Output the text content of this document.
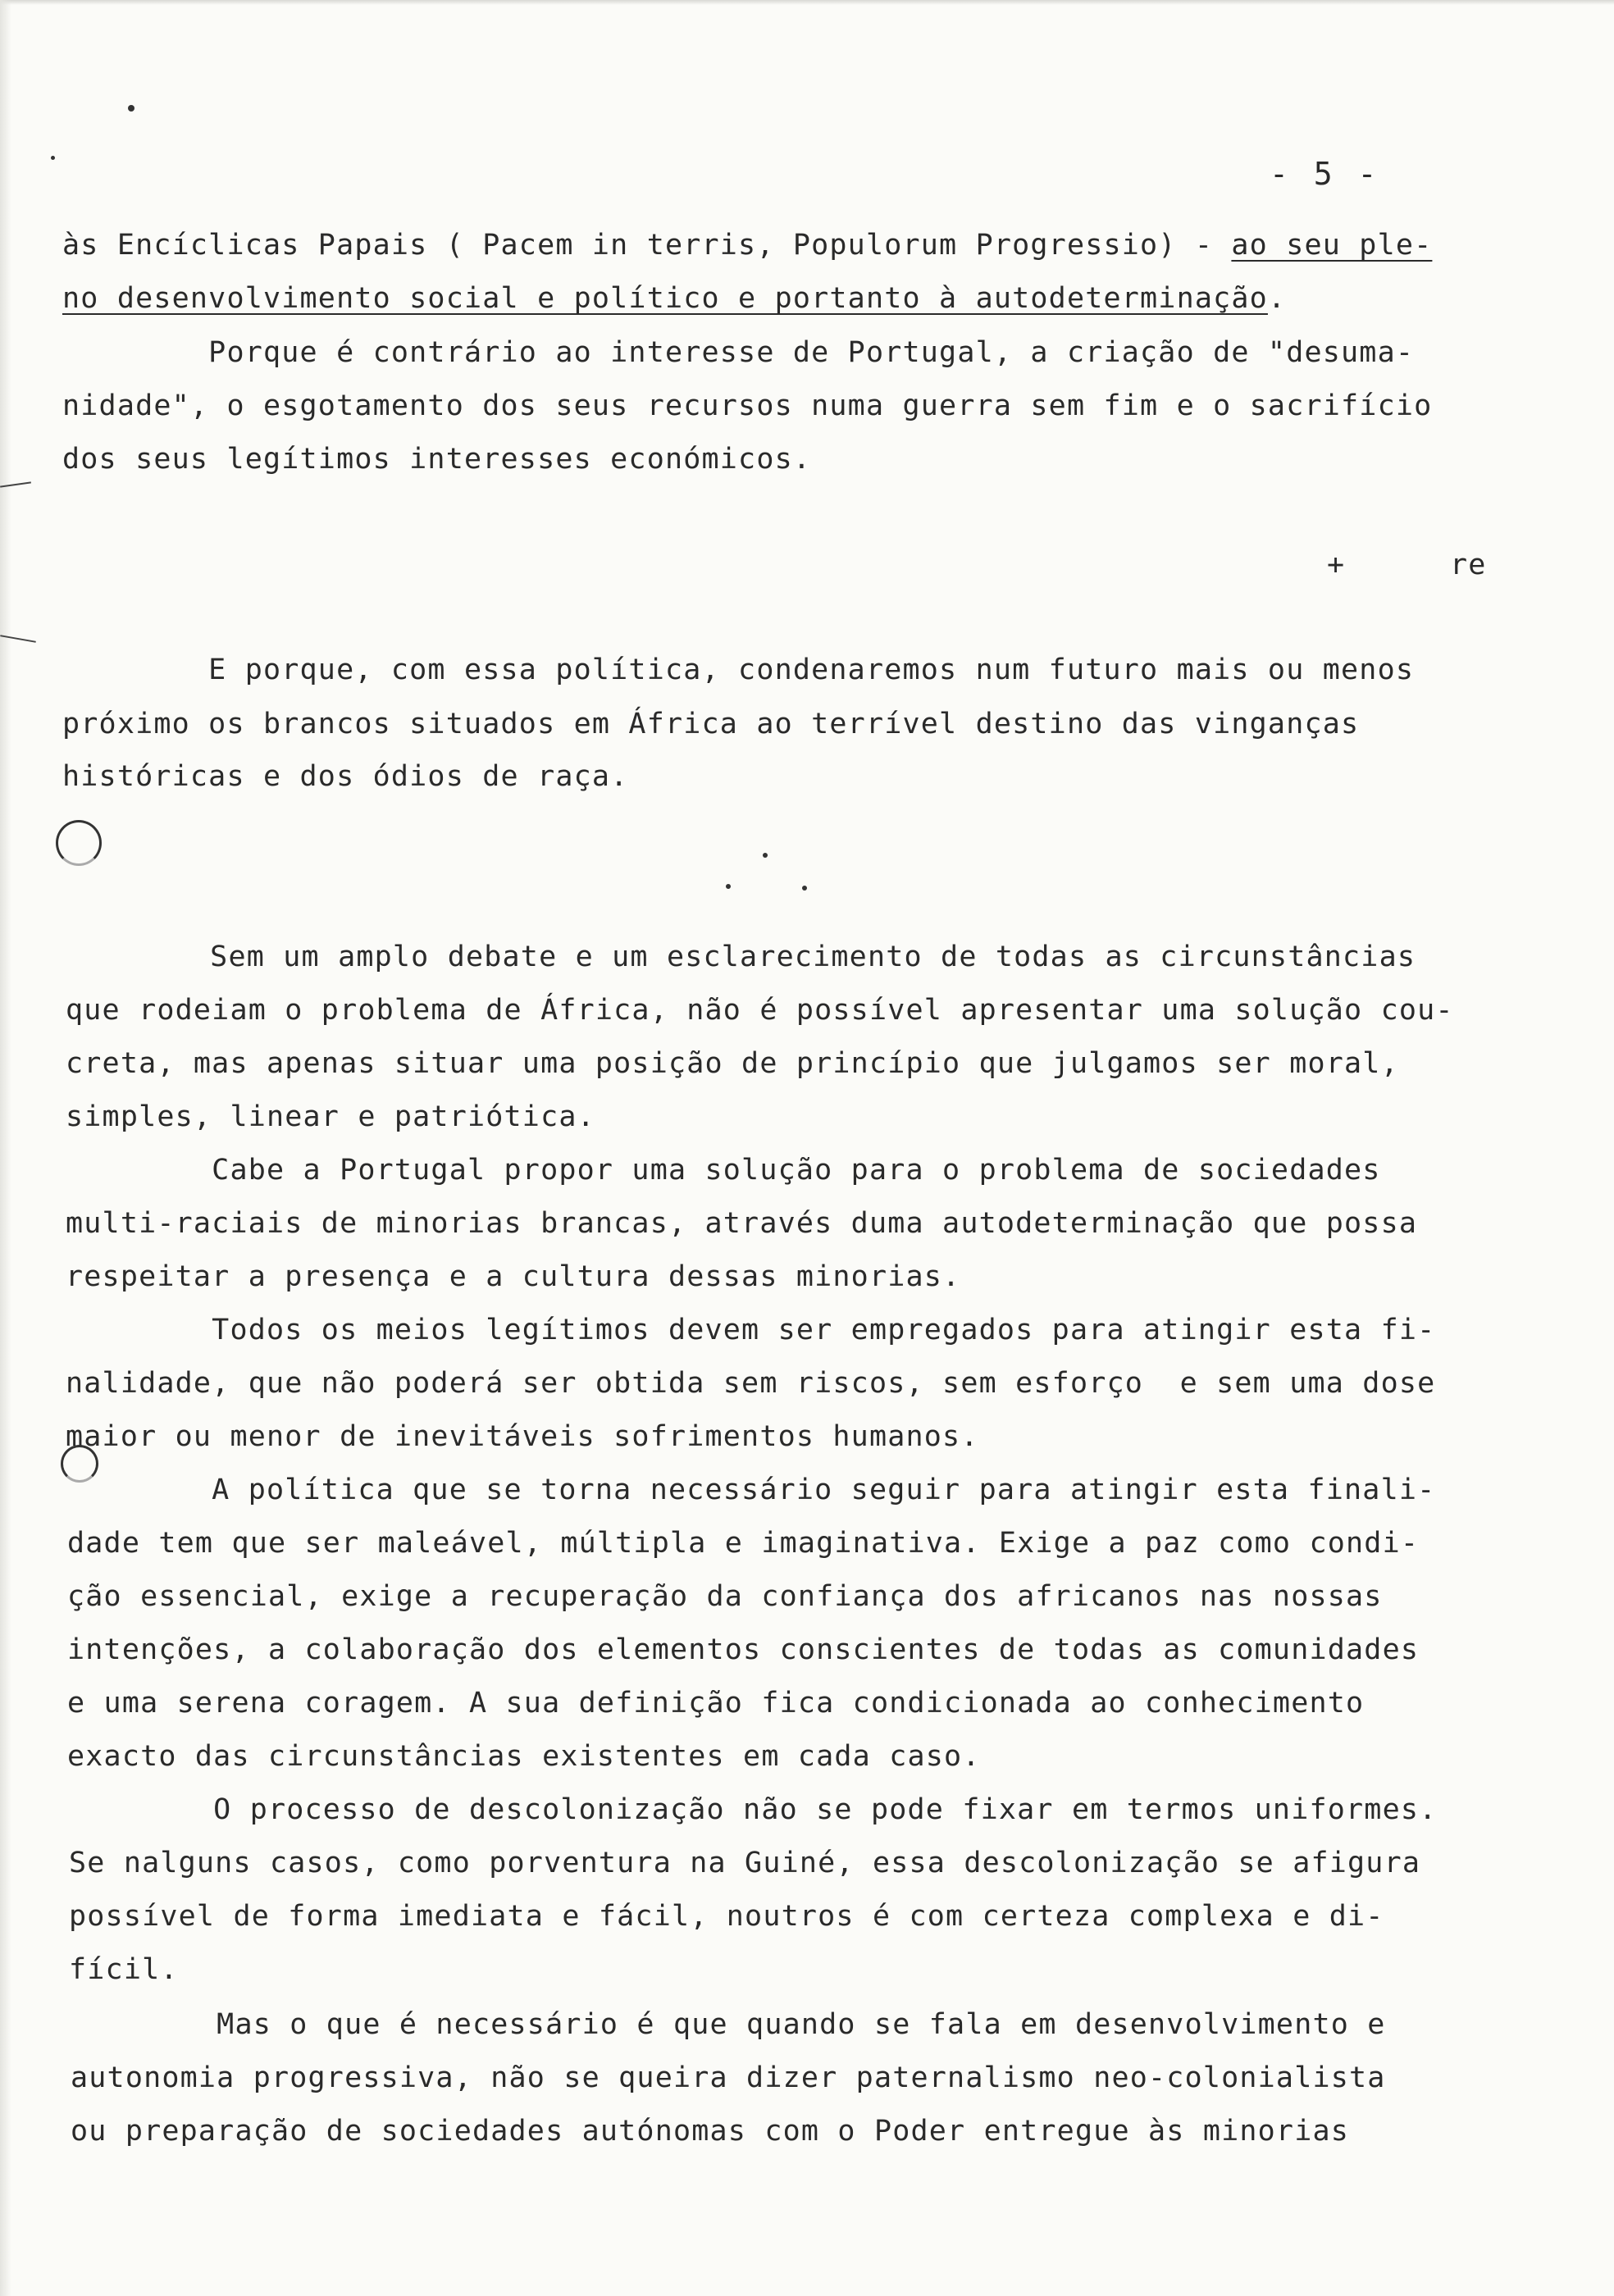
- 5 -
re
+
às Encíclicas Papais ( Pacem in terris, Populorum Progressio) - ao seu ple-
no desenvolvimento social e político e portanto à autodeterminação.
Porque é contrário ao interesse de Portugal, a criação de "desuma-
nidade", o esgotamento dos seus recursos numa guerra sem fim e o sacrifício
dos seus legítimos interesses económicos.
E porque, com essa política, condenaremos num futuro mais ou menos
próximo os brancos situados em África ao terrível destino das vinganças
históricas e dos ódios de raça.
Sem um amplo debate e um esclarecimento de todas as circunstâncias
que rodeiam o problema de África, não é possível apresentar uma solução cou-
creta, mas apenas situar uma posição de princípio que julgamos ser moral,
simples, linear e patriótica.
Cabe a Portugal propor uma solução para o problema de sociedades
multi-raciais de minorias brancas, através duma autodeterminação que possa
respeitar a presença e a cultura dessas minorias.
Todos os meios legítimos devem ser empregados para atingir esta fi-
nalidade, que não poderá ser obtida sem riscos, sem esforço  e sem uma dose
maior ou menor de inevitáveis sofrimentos humanos.
A política que se torna necessário seguir para atingir esta finali-
dade tem que ser maleável, múltipla e imaginativa. Exige a paz como condi-
ção essencial, exige a recuperação da confiança dos africanos nas nossas
intenções, a colaboração dos elementos conscientes de todas as comunidades
e uma serena coragem. A sua definição fica condicionada ao conhecimento
exacto das circunstâncias existentes em cada caso.
O processo de descolonização não se pode fixar em termos uniformes.
Se nalguns casos, como porventura na Guiné, essa descolonização se afigura
possível de forma imediata e fácil, noutros é com certeza complexa e di-
fícil.
Mas o que é necessário é que quando se fala em desenvolvimento e
autonomia progressiva, não se queira dizer paternalismo neo-colonialista
ou preparação de sociedades autónomas com o Poder entregue às minorias
